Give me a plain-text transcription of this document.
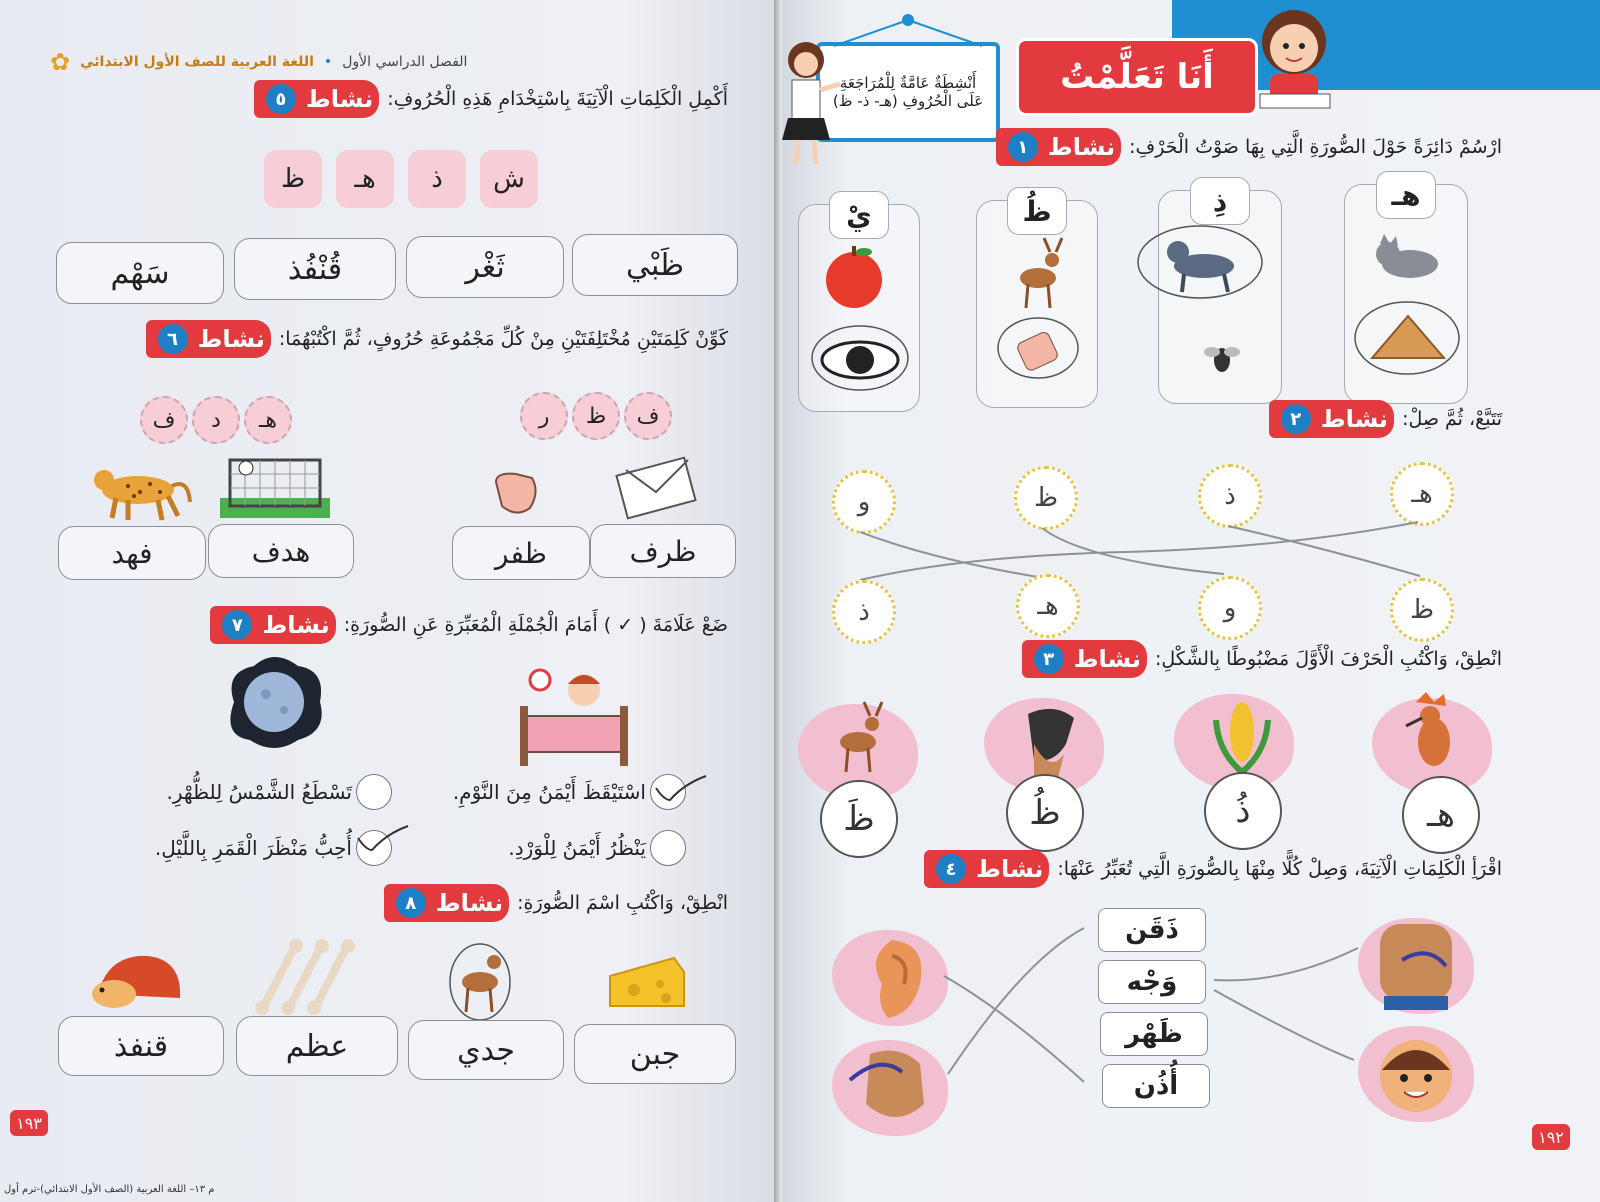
✿ اللغة العربية للصف الأول الابتدائي • الفصل الدراسي الأول
٥ نشاط أَكْمِلِ الْكَلِمَاتِ الْآتِيَةَ بِاسْتِخْدَامِ هَذِهِ الْحُرُوفِ:
ش
ذ
هـ
ظ
ظَبْي
ثَغْر
قُنْفُذ
سَهْم
٦ نشاط كَوِّنْ كَلِمَتَيْنِ مُخْتَلِفَتَيْنِ مِنْ كُلِّ مَجْمُوعَةِ حُرُوفٍ، ثُمَّ اكْتُبْهُمَا:
ف
ظ
ر
هـ
د
ف
ظرف
ظفر
هدف
فهد
٧ نشاط ضَعْ عَلَامَةَ ( ✓ ) أَمَامَ الْجُمْلَةِ الْمُعَبِّرَةِ عَنِ الصُّورَةِ:
اسْتَيْقَظَ أَيْمَنُ مِنَ النَّوْمِ.
يَنْظُرُ أَيْمَنُ لِلْوَرْدِ.
تَسْطَعُ الشَّمْسُ لِلظُّهْرِ.
أُحِبُّ مَنْظَرَ الْقَمَرِ بِاللَّيْلِ.
٨ نشاط انْطِقْ، وَاكْتُبِ اسْمَ الصُّورَةِ:
جبن
جدي
عظم
قنفذ
١٩٣
م ١٣– اللغة العربية (الصف الأول الابتدائي)-ترم أول
أَنَا تَعَلَّمْتُ
أَنْشِطَةٌ عَامَّةٌ لِلْمُرَاجَعَةِ
عَلَى الْحُرُوفِ (هـ- ذ- ظ)
١ نشاط ارْسُمْ دَائِرَةً حَوْلَ الصُّورَةِ الَّتِي بِهَا صَوْتُ الْحَرْفِ:
هـ
ذِ
ظُ
يْ
٢ نشاط تَتَبَّعْ، ثُمَّ صِلْ:
هـ
ذ
ظ
و
ظ
و
هـ
ذ
٣ نشاط انْطِقْ، وَاكْتُبِ الْحَرْفَ الْأَوَّلَ مَضْبُوطًا بِالشَّكْلِ:
هـ
ذُ
ظُ
ظَ
٤ نشاط اقْرَأِ الْكَلِمَاتِ الْآتِيَةَ، وَصِلْ كُلًّا مِنْهَا بِالصُّورَةِ الَّتِي تُعَبِّرُ عَنْهَا:
ذَقَن
وَجْه
ظَهْر
أُذُن
١٩٢
